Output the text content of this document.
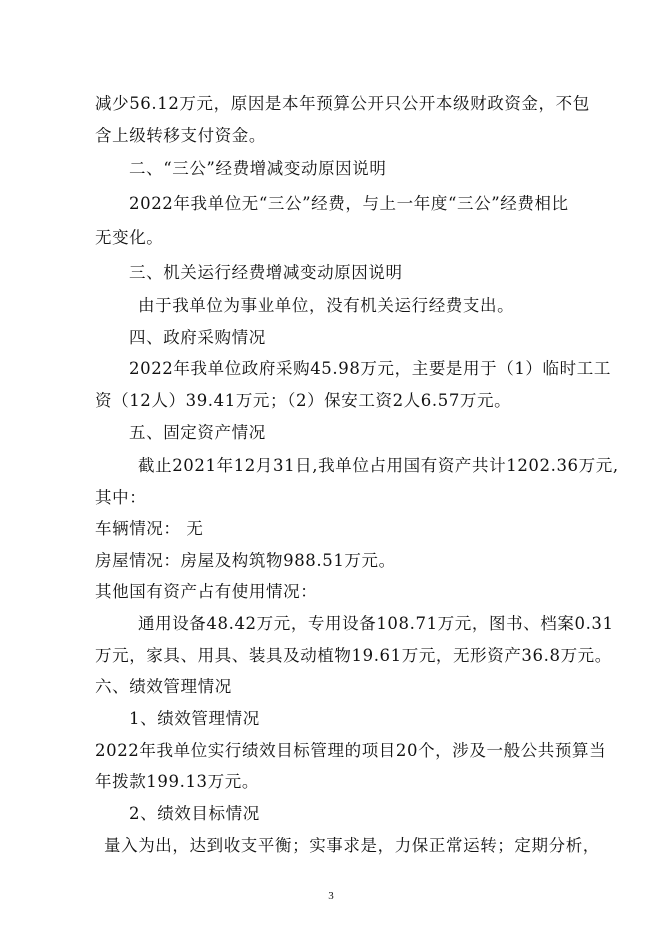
减少56.12万元，原因是本年预算公开只公开本级财政资金，不包
含上级转移支付资金。
二、“三公”经费增减变动原因说明
2022年我单位无“三公”经费，与上一年度“三公”经费相比
无变化。
三、机关运行经费增减变动原因说明
由于我单位为事业单位，没有机关运行经费支出。
四、政府采购情况
2022年我单位政府采购45.98万元，主要是用于（1）临时工工
资（12人）39.41万元；（2）保安工资2人6.57万元。
五、固定资产情况
截止2021年12月31日,我单位占用国有资产共计1202.36万元,
其中：
车辆情况： 无
房屋情况：房屋及构筑物988.51万元。
其他国有资产占有使用情况：
通用设备48.42万元，专用设备108.71万元，图书、档案0.31
万元，家具、用具、装具及动植物19.61万元，无形资产36.8万元。
六、绩效管理情况
1、绩效管理情况
2022年我单位实行绩效目标管理的项目20个，涉及一般公共预算当
年拨款199.13万元。
2、绩效目标情况
量入为出，达到收支平衡；实事求是，力保正常运转；定期分析，
3
